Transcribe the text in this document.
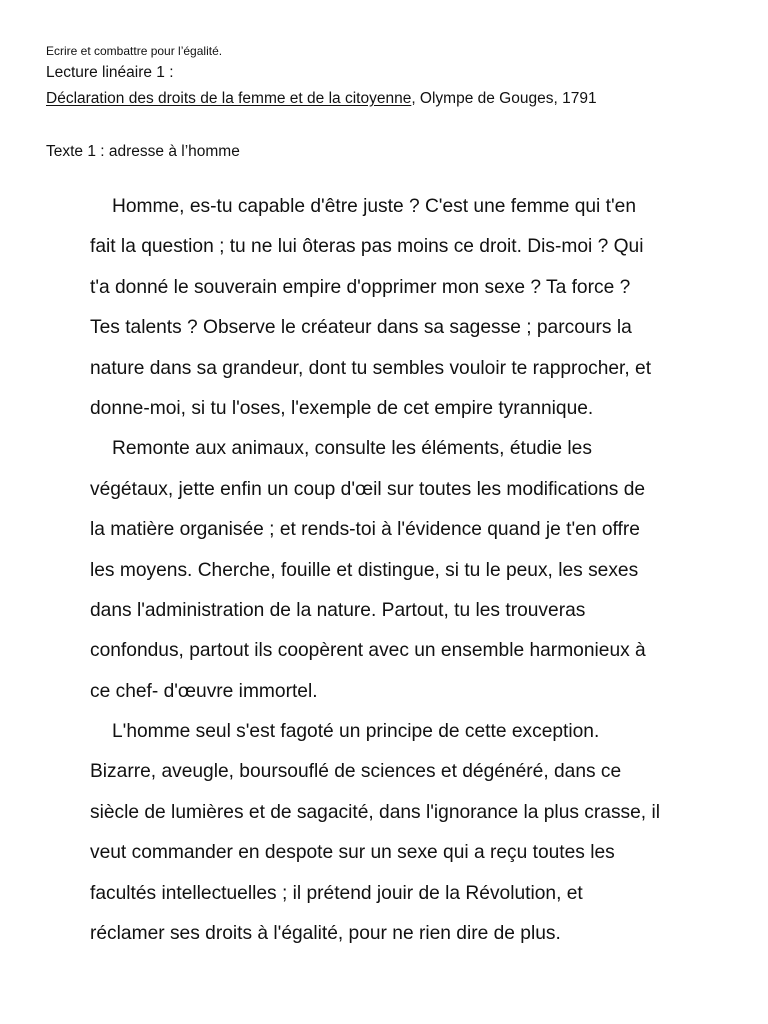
Ecrire et combattre pour l’égalité.
Lecture linéaire 1 :
Déclaration des droits de la femme et de la citoyenne, Olympe de Gouges, 1791
Texte 1 : adresse à l’homme
Homme, es-tu capable d'être juste ? C'est une femme qui t'en
fait la question ; tu ne lui ôteras pas moins ce droit. Dis-moi ? Qui
t'a donné le souverain empire d'opprimer mon sexe ? Ta force ?
Tes talents ? Observe le créateur dans sa sagesse ; parcours la
nature dans sa grandeur, dont tu sembles vouloir te rapprocher, et
donne-moi, si tu l'oses, l'exemple de cet empire tyrannique.
Remonte aux animaux, consulte les éléments, étudie les
végétaux, jette enfin un coup d'œil sur toutes les modifications de
la matière organisée ; et rends-toi à l'évidence quand je t'en offre
les moyens. Cherche, fouille et distingue, si tu le peux, les sexes
dans l'administration de la nature. Partout, tu les trouveras
confondus, partout ils coopèrent avec un ensemble harmonieux à
ce chef- d'œuvre immortel.
L'homme seul s'est fagoté un principe de cette exception.
Bizarre, aveugle, boursouflé de sciences et dégénéré, dans ce
siècle de lumières et de sagacité, dans l'ignorance la plus crasse, il
veut commander en despote sur un sexe qui a reçu toutes les
facultés intellectuelles ; il prétend jouir de la Révolution, et
réclamer ses droits à l'égalité, pour ne rien dire de plus.
